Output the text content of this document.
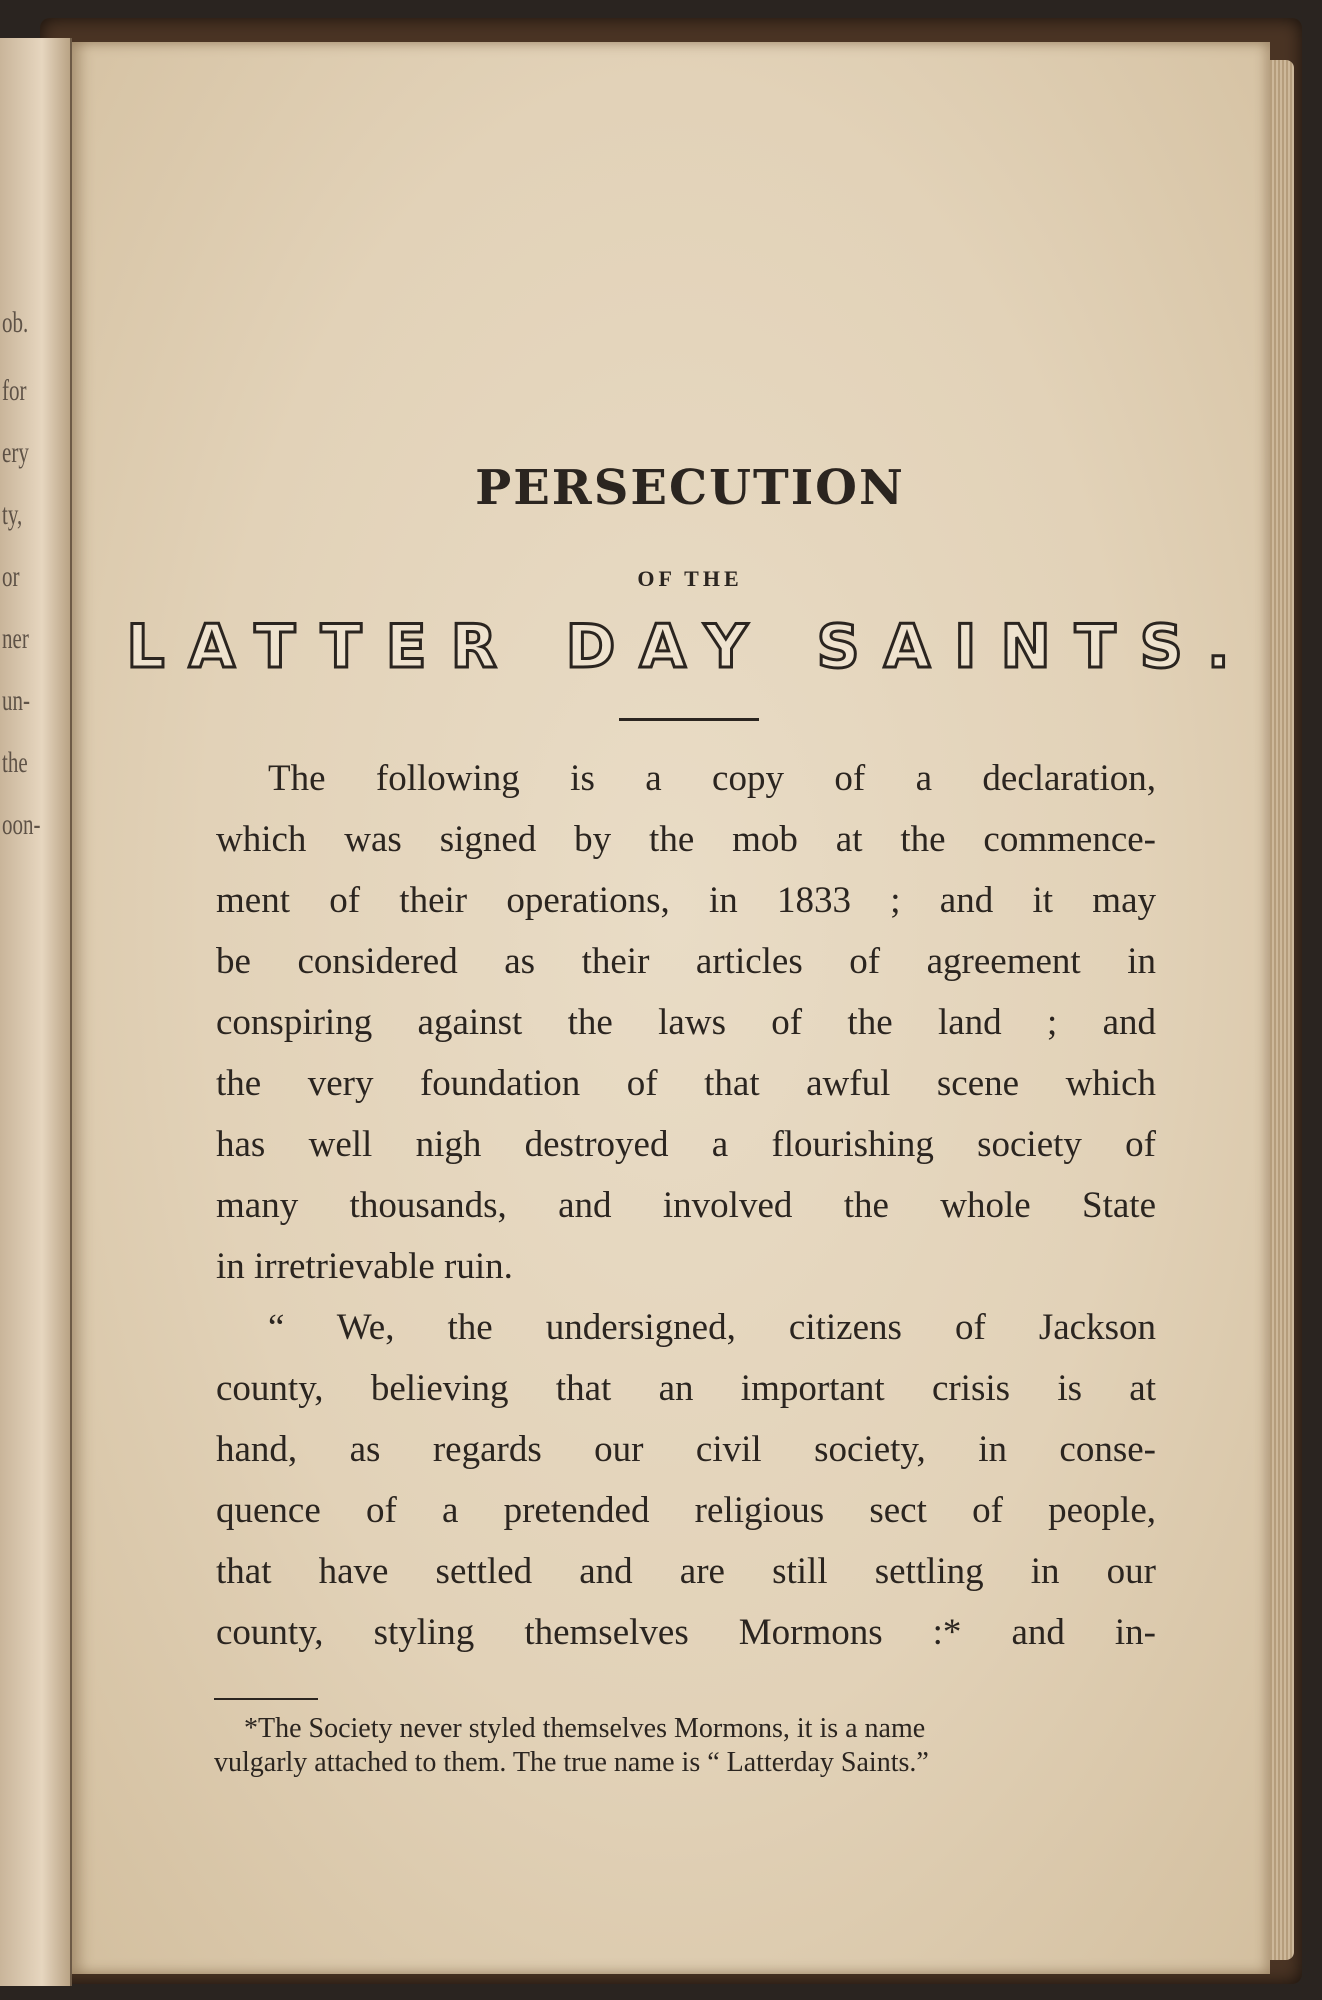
ob.
for
ery
ty,
or
ner
un-
the
oon-
PERSECUTION
OF THE
LATTER DAY SAINTS.

The following is a copy of a declaration,
which was signed by the mob at the commence-
ment of their operations, in 1833 ; and it may
be considered as their articles of agreement in
conspiring against the laws of the land ; and
the very foundation of that awful scene which
has well nigh destroyed a flourishing society of
many thousands, and involved the whole State
in irretrievable ruin.

“ We, the undersigned, citizens of Jackson
county, believing that an important crisis is at
hand, as regards our civil society, in conse-
quence of a pretended religious sect of people,
that have settled and are still settling in our
county, styling themselves Mormons :* and in-

*The Society never styled themselves Mormons, it is a name
vulgarly attached to them. The true name is “ Latterday Saints.”
